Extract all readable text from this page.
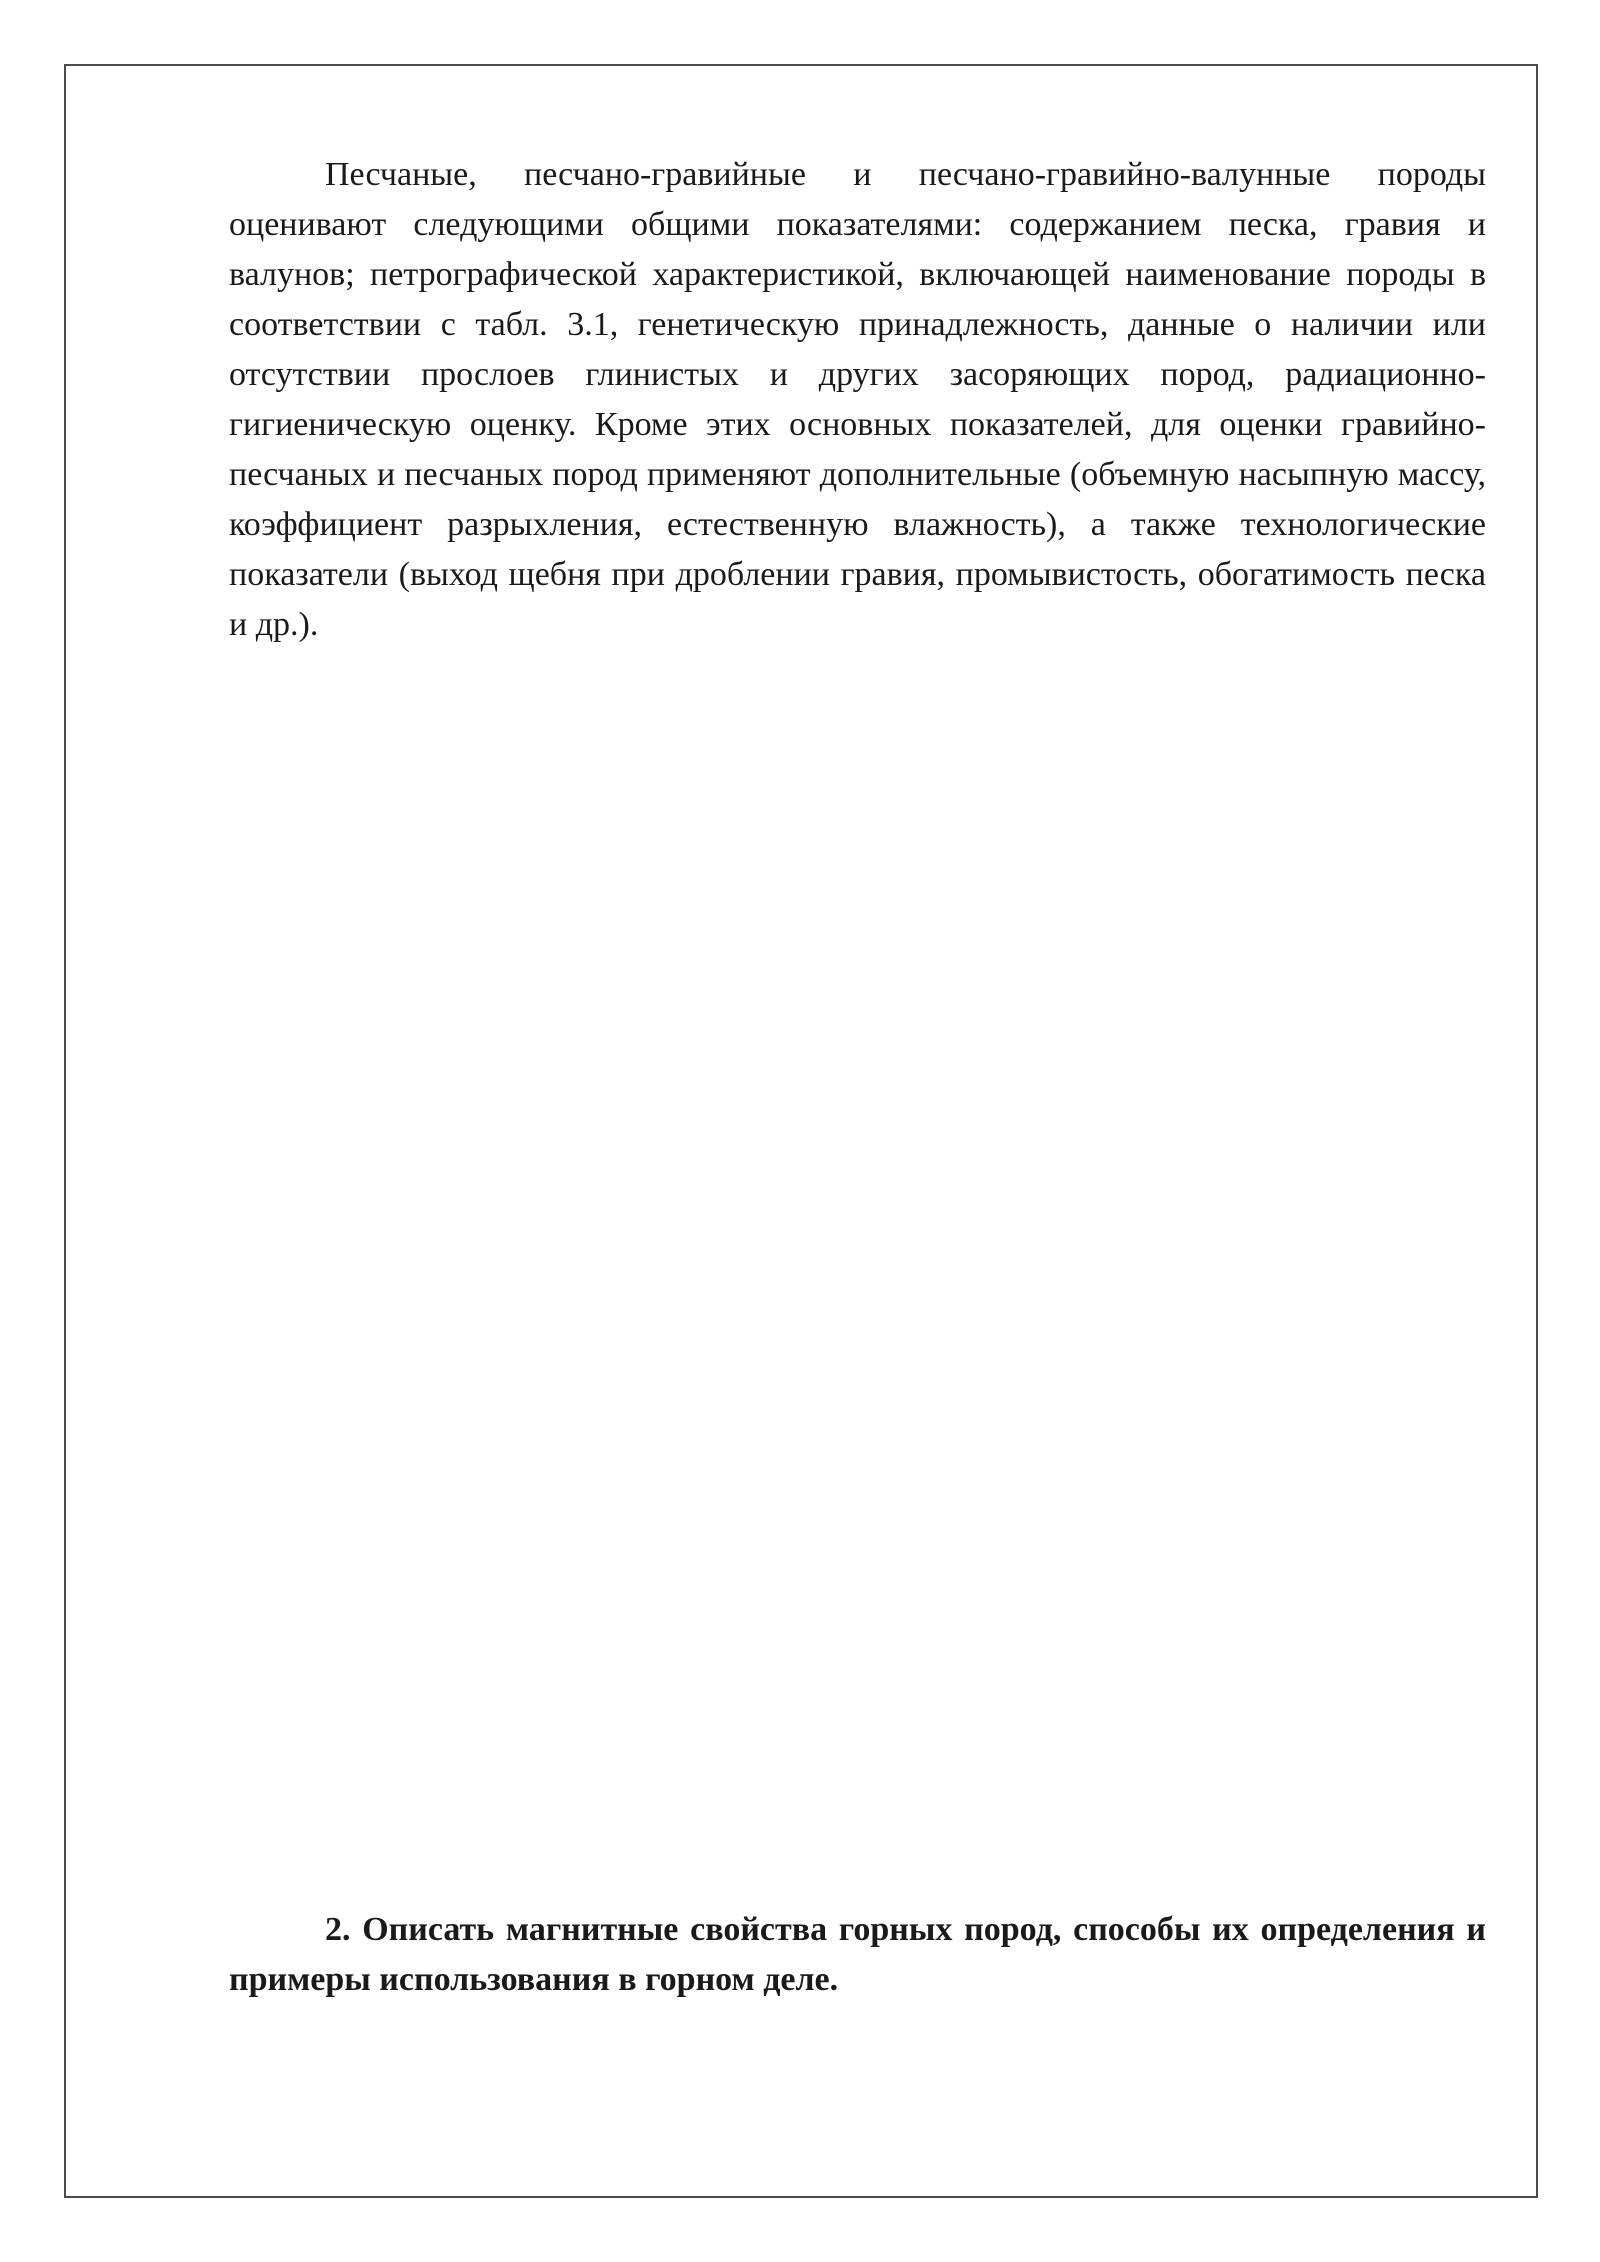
Песчаные, песчано-гравийные и песчано-гравийно-валунные породы оценивают следующими общими показателями: содержанием песка, гравия и валунов; петрографической характеристикой, включающей наименование породы в соответствии с табл. 3.1, генетическую принадлежность, данные о наличии или отсутствии прослоев глинистых и других засоряющих пород, радиационно-гигиеническую оценку. Кроме этих основных показателей, для оценки гравийно-песчаных и песчаных пород применяют дополнительные (объемную насыпную массу, коэффициент разрыхления, естественную влажность), а также технологические показатели (выход щебня при дроблении гравия, промывистость, обогатимость песка и др.).

2. Описать магнитные свойства горных пород, способы их определения и примеры использования в горном деле.
